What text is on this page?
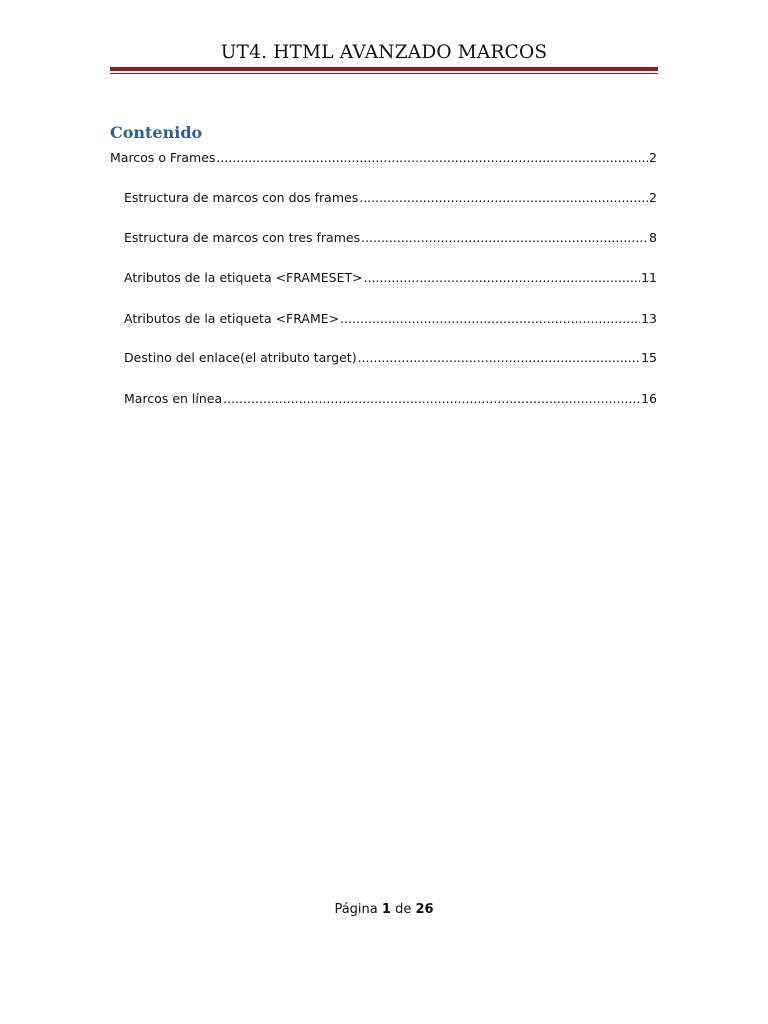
UT4. HTML AVANZADO MARCOS
Contenido
Marcos o Frames .....	2
Estructura de marcos con dos frames .....	2
Estructura de marcos con tres frames .....	8
Atributos de la etiqueta <FRAMESET> .....	11
Atributos de la etiqueta <FRAME> .....	13
Destino del enlace(el atributo target) .....	15
Marcos en línea .....	16
Página 1 de 26
